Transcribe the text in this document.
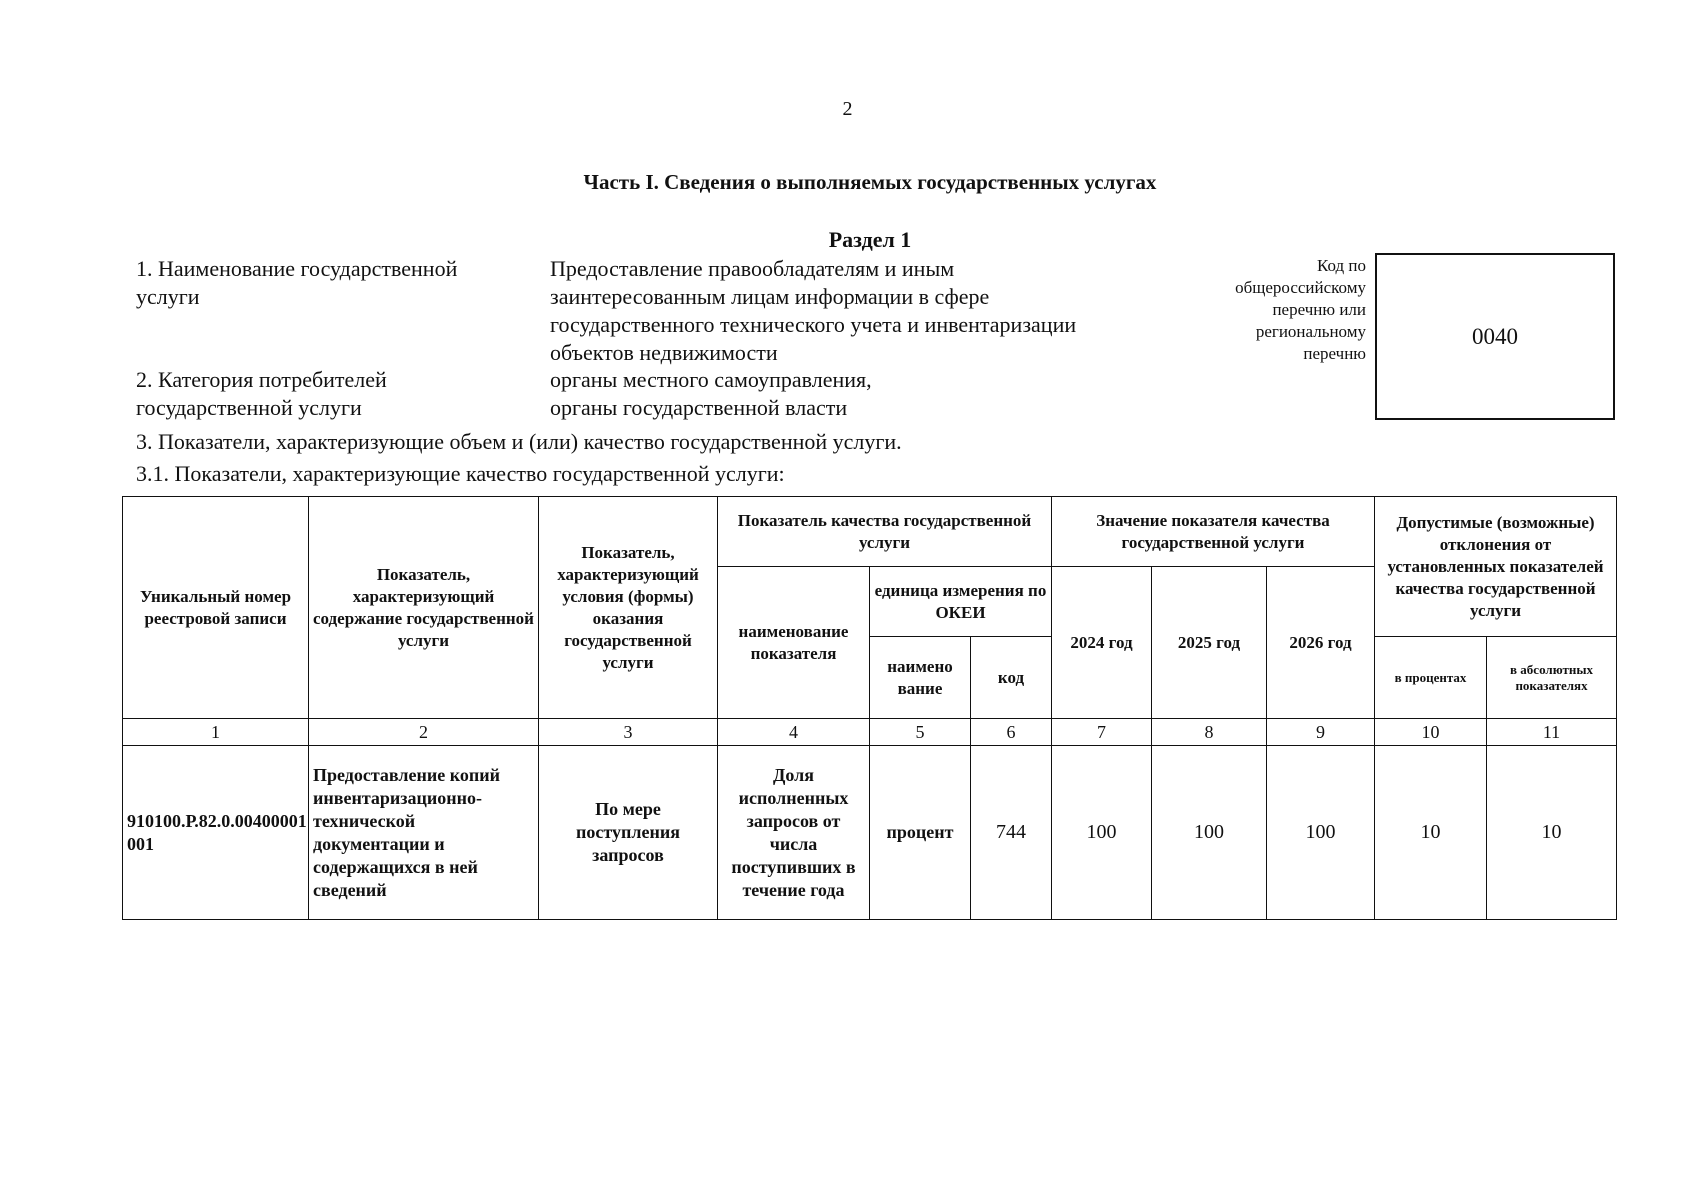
2
Часть I. Сведения о выполняемых государственных услугах
Раздел 1
1. Наименование государственной
услуги
Предоставление правообладателям и иным
заинтересованным лицам информации в сфере
государственного технического учета и инвентаризации
объектов недвижимости
2. Категория потребителей
государственной услуги
органы местного самоуправления,
органы государственной власти
Код по
общероссийскому
перечню или
региональному
перечню
0040
3. Показатели, характеризующие объем и (или) качество государственной услуги.
3.1. Показатели, характеризующие качество государственной услуги:
Уникальный номер реестровой записи	Показатель, характеризующий содержание государственной услуги	Показатель, характеризующий условия (формы) оказания государственной услуги	Показатель качества государственной услуги			Значение показателя качества государственной услуги			Допустимые (возможные) отклонения от установленных показателей качества государственной услуги	
			наименование показателя	единица измерения по ОКЕИ		2024 год	2025 год	2026 год		
				наимено вание	код				в процентах	в абсолютных показателях
1	2	3	4	5	6	7	8	9	10	11
910100.Р.82.0.00400001 001	Предоставление копий инвентаризационно-технической документации и содержащихся в ней сведений	По мере поступления запросов	Доля исполненных запросов от числа поступивших в течение года	процент	744	100	100	100	10	10
